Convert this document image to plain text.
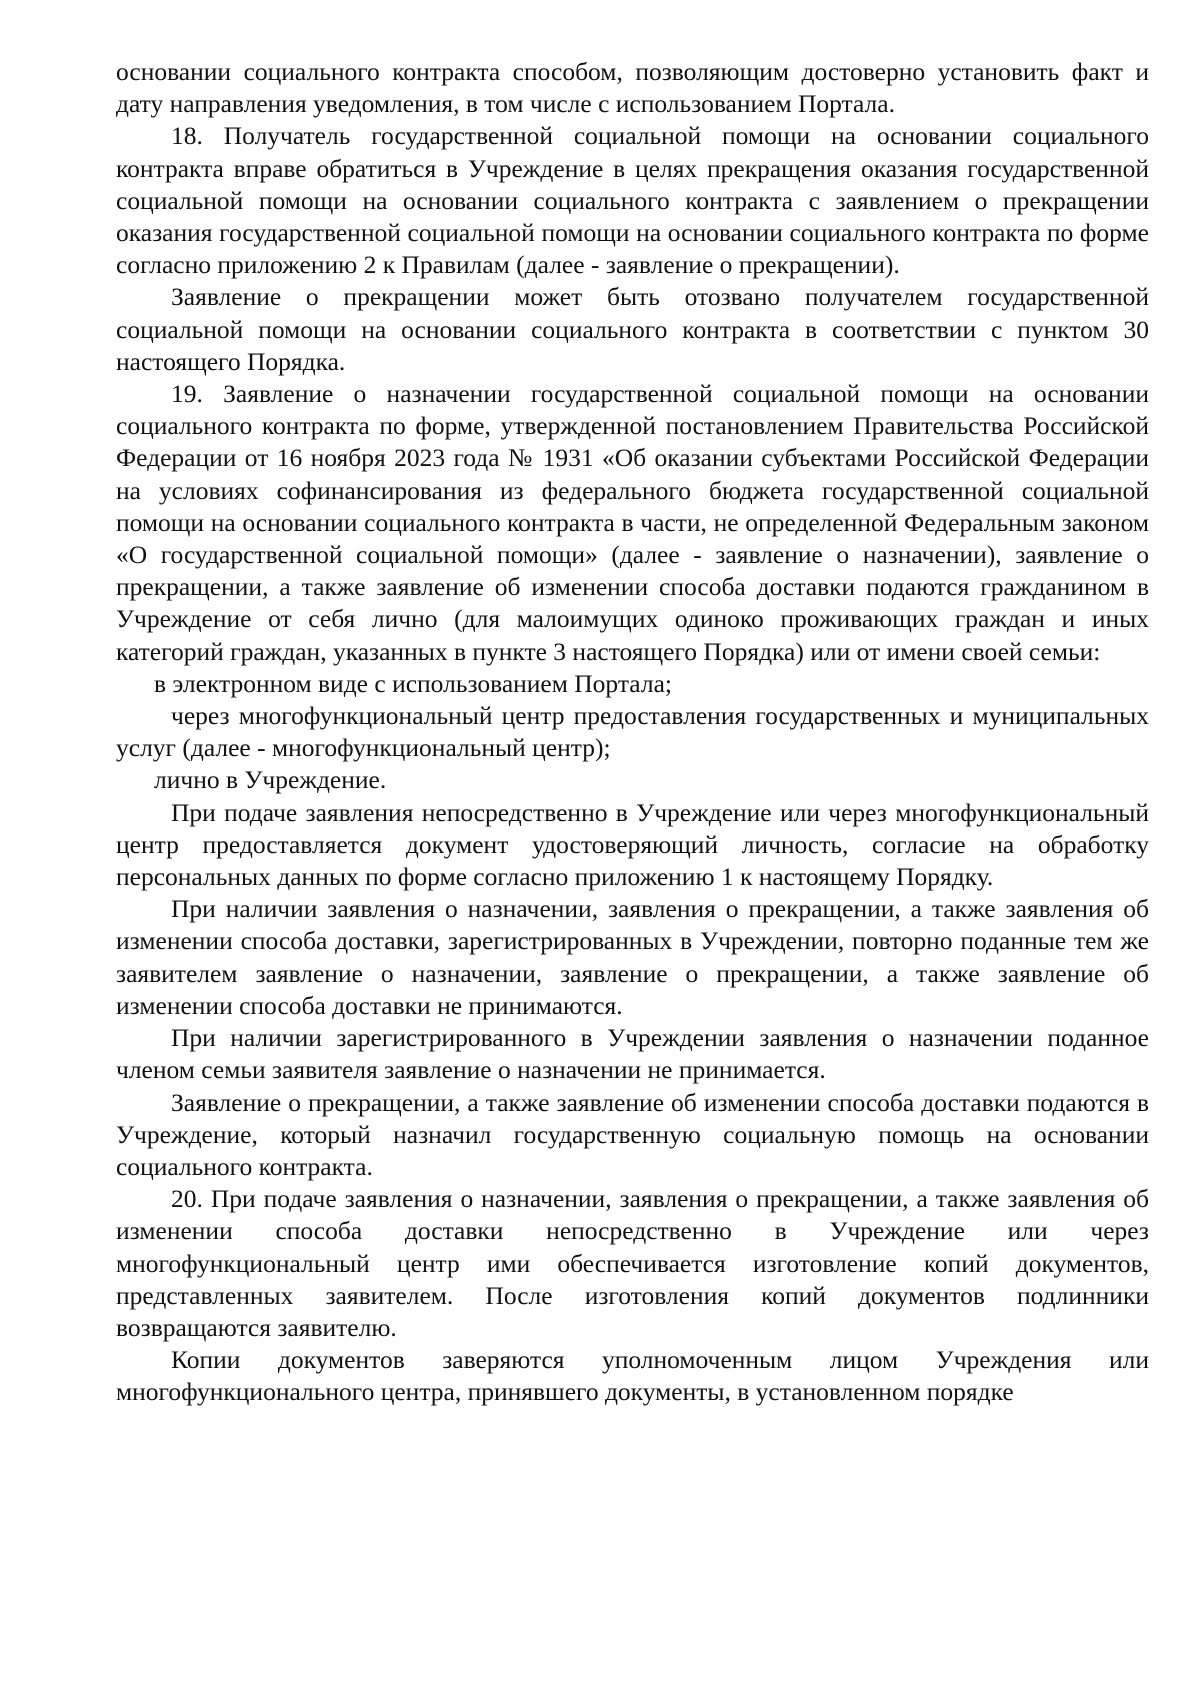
основании социального контракта способом, позволяющим достоверно установить факт и дату направления уведомления, в том числе с использованием Портала.

18. Получатель государственной социальной помощи на основании социального контракта вправе обратиться в Учреждение в целях прекращения оказания государственной социальной помощи на основании социального контракта с заявлением о прекращении оказания государственной социальной помощи на основании социального контракта по форме согласно приложению 2 к Правилам (далее - заявление о прекращении).

Заявление о прекращении может быть отозвано получателем государственной социальной помощи на основании социального контракта в соответствии с пунктом 30 настоящего Порядка.

19. Заявление о назначении государственной социальной помощи на основании социального контракта по форме, утвержденной постановлением Правительства Российской Федерации от 16 ноября 2023 года № 1931 «Об оказании субъектами Российской Федерации на условиях софинансирования из федерального бюджета государственной социальной помощи на основании социального контракта в части, не определенной Федеральным законом «О государственной социальной помощи» (далее - заявление о назначении), заявление о прекращении, а также заявление об изменении способа доставки подаются гражданином в Учреждение от себя лично (для малоимущих одиноко проживающих граждан и иных категорий граждан, указанных в пункте 3 настоящего Порядка) или от имени своей семьи:

в электронном виде с использованием Портала;

через многофункциональный центр предоставления государственных и муниципальных услуг (далее - многофункциональный центр);

лично в Учреждение.

При подаче заявления непосредственно в Учреждение или через многофункциональный центр предоставляется документ удостоверяющий личность, согласие на обработку персональных данных по форме согласно приложению 1 к настоящему Порядку.

При наличии заявления о назначении, заявления о прекращении, а также заявления об изменении способа доставки, зарегистрированных в Учреждении, повторно поданные тем же заявителем заявление о назначении, заявление о прекращении, а также заявление об изменении способа доставки не принимаются.

При наличии зарегистрированного в Учреждении заявления о назначении поданное членом семьи заявителя заявление о назначении не принимается.

Заявление о прекращении, а также заявление об изменении способа доставки подаются в Учреждение, который назначил государственную социальную помощь на основании социального контракта.

20. При подаче заявления о назначении, заявления о прекращении, а также заявления об изменении способа доставки непосредственно в Учреждение или через многофункциональный центр ими обеспечивается изготовление копий документов, представленных заявителем. После изготовления копий документов подлинники возвращаются заявителю.

Копии документов заверяются уполномоченным лицом Учреждения или многофункционального центра, принявшего документы, в установленном порядке
